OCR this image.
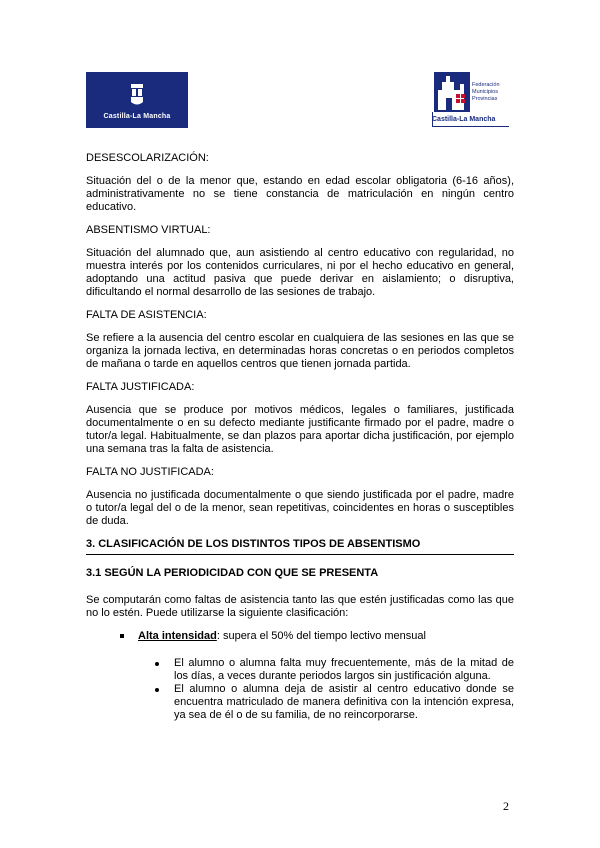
Castilla-La Mancha
Federación
Municipios
Provincias
Castilla-La Mancha
DESESCOLARIZACIÓN:
Situación del o de la menor que, estando en edad escolar obligatoria (6-16 años), administrativamente no se tiene constancia de matriculación en ningún centro educativo.
ABSENTISMO VIRTUAL:
Situación del alumnado que, aun asistiendo al centro educativo con regularidad, no muestra interés por los contenidos curriculares, ni por el hecho educativo en general, adoptando una actitud pasiva que puede derivar en aislamiento; o disruptiva, dificultando el normal desarrollo de las sesiones de trabajo.
FALTA DE ASISTENCIA:
Se refiere a la ausencia del centro escolar en cualquiera de las sesiones en las que se organiza la jornada lectiva, en determinadas horas concretas o en periodos completos de mañana o tarde en aquellos centros que tienen jornada partida.
FALTA JUSTIFICADA:
Ausencia que se produce por motivos médicos, legales o familiares, justificada documentalmente o en su defecto mediante justificante firmado por el padre, madre o tutor/a legal. Habitualmente, se dan plazos para aportar dicha justificación, por ejemplo una semana tras la falta de asistencia.
FALTA NO JUSTIFICADA:
Ausencia no justificada documentalmente o que siendo justificada por el padre, madre o tutor/a legal del o de la menor, sean repetitivas, coincidentes en horas o susceptibles de duda.
3. CLASIFICACIÓN DE LOS DISTINTOS TIPOS DE ABSENTISMO
3.1 SEGÚN LA PERIODICIDAD CON QUE SE PRESENTA
Se computarán como faltas de asistencia tanto las que estén justificadas como las que no lo estén. Puede utilizarse la siguiente clasificación:
Alta intensidad: supera el 50% del tiempo lectivo mensual
El alumno o alumna falta muy frecuentemente, más de la mitad de los días, a veces durante periodos largos sin justificación alguna.
El alumno o alumna deja de asistir al centro educativo donde se encuentra matriculado de manera definitiva con la intención expresa, ya sea de él o de su familia, de no reincorporarse.
2
